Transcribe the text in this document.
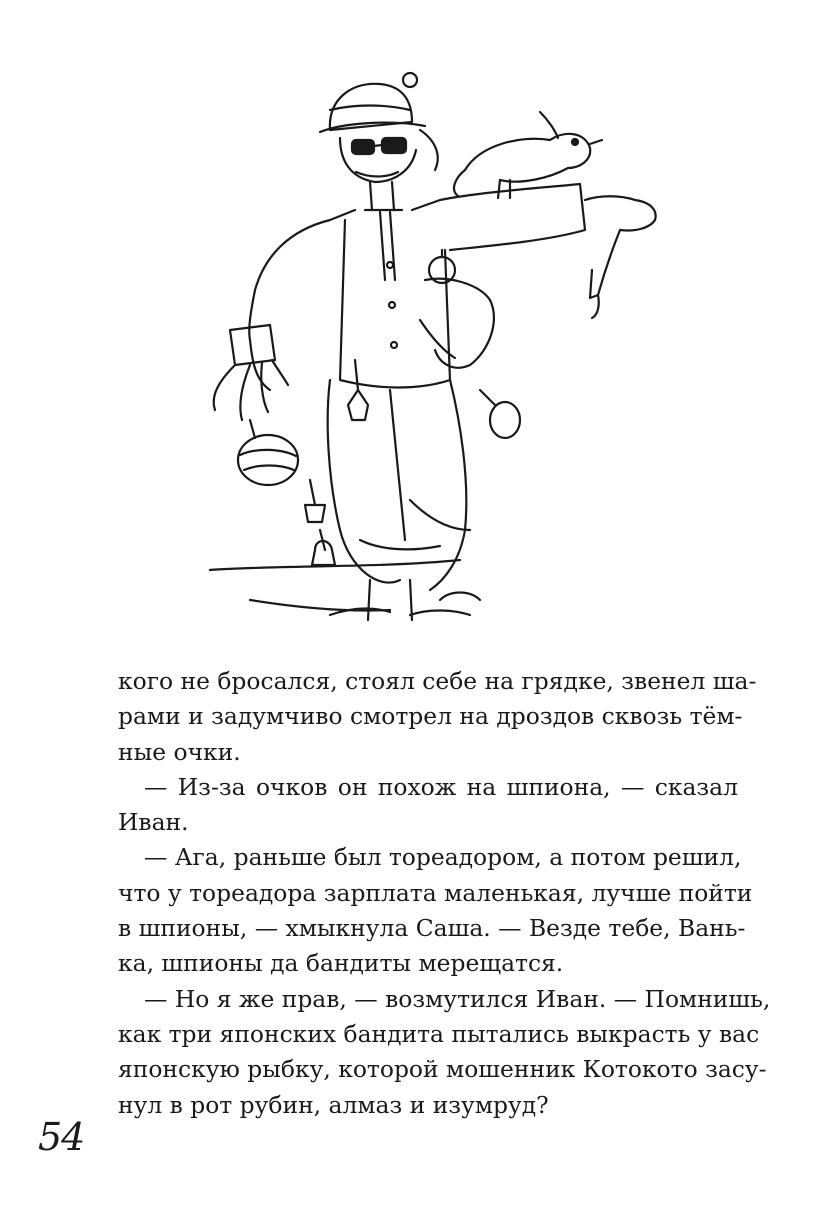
кого не бросался, стоял себе на грядке, звенел ша-
рами и задумчиво смотрел на дроздов сквозь тём-
ные очки.
— Из-за очков он похож на шпиона, — сказал
Иван.
— Ага, раньше был тореадором, а потом решил,
что у тореадора зарплата маленькая, лучше пойти
в шпионы, — хмыкнула Саша. — Везде тебе, Вань-
ка, шпионы да бандиты мерещатся.
— Но я же прав, — возмутился Иван. — Помнишь,
как три японских бандита пытались выкрасть у вас
японскую рыбку, которой мошенник Котокото засу-
нул в рот рубин, алмаз и изумруд?
54
